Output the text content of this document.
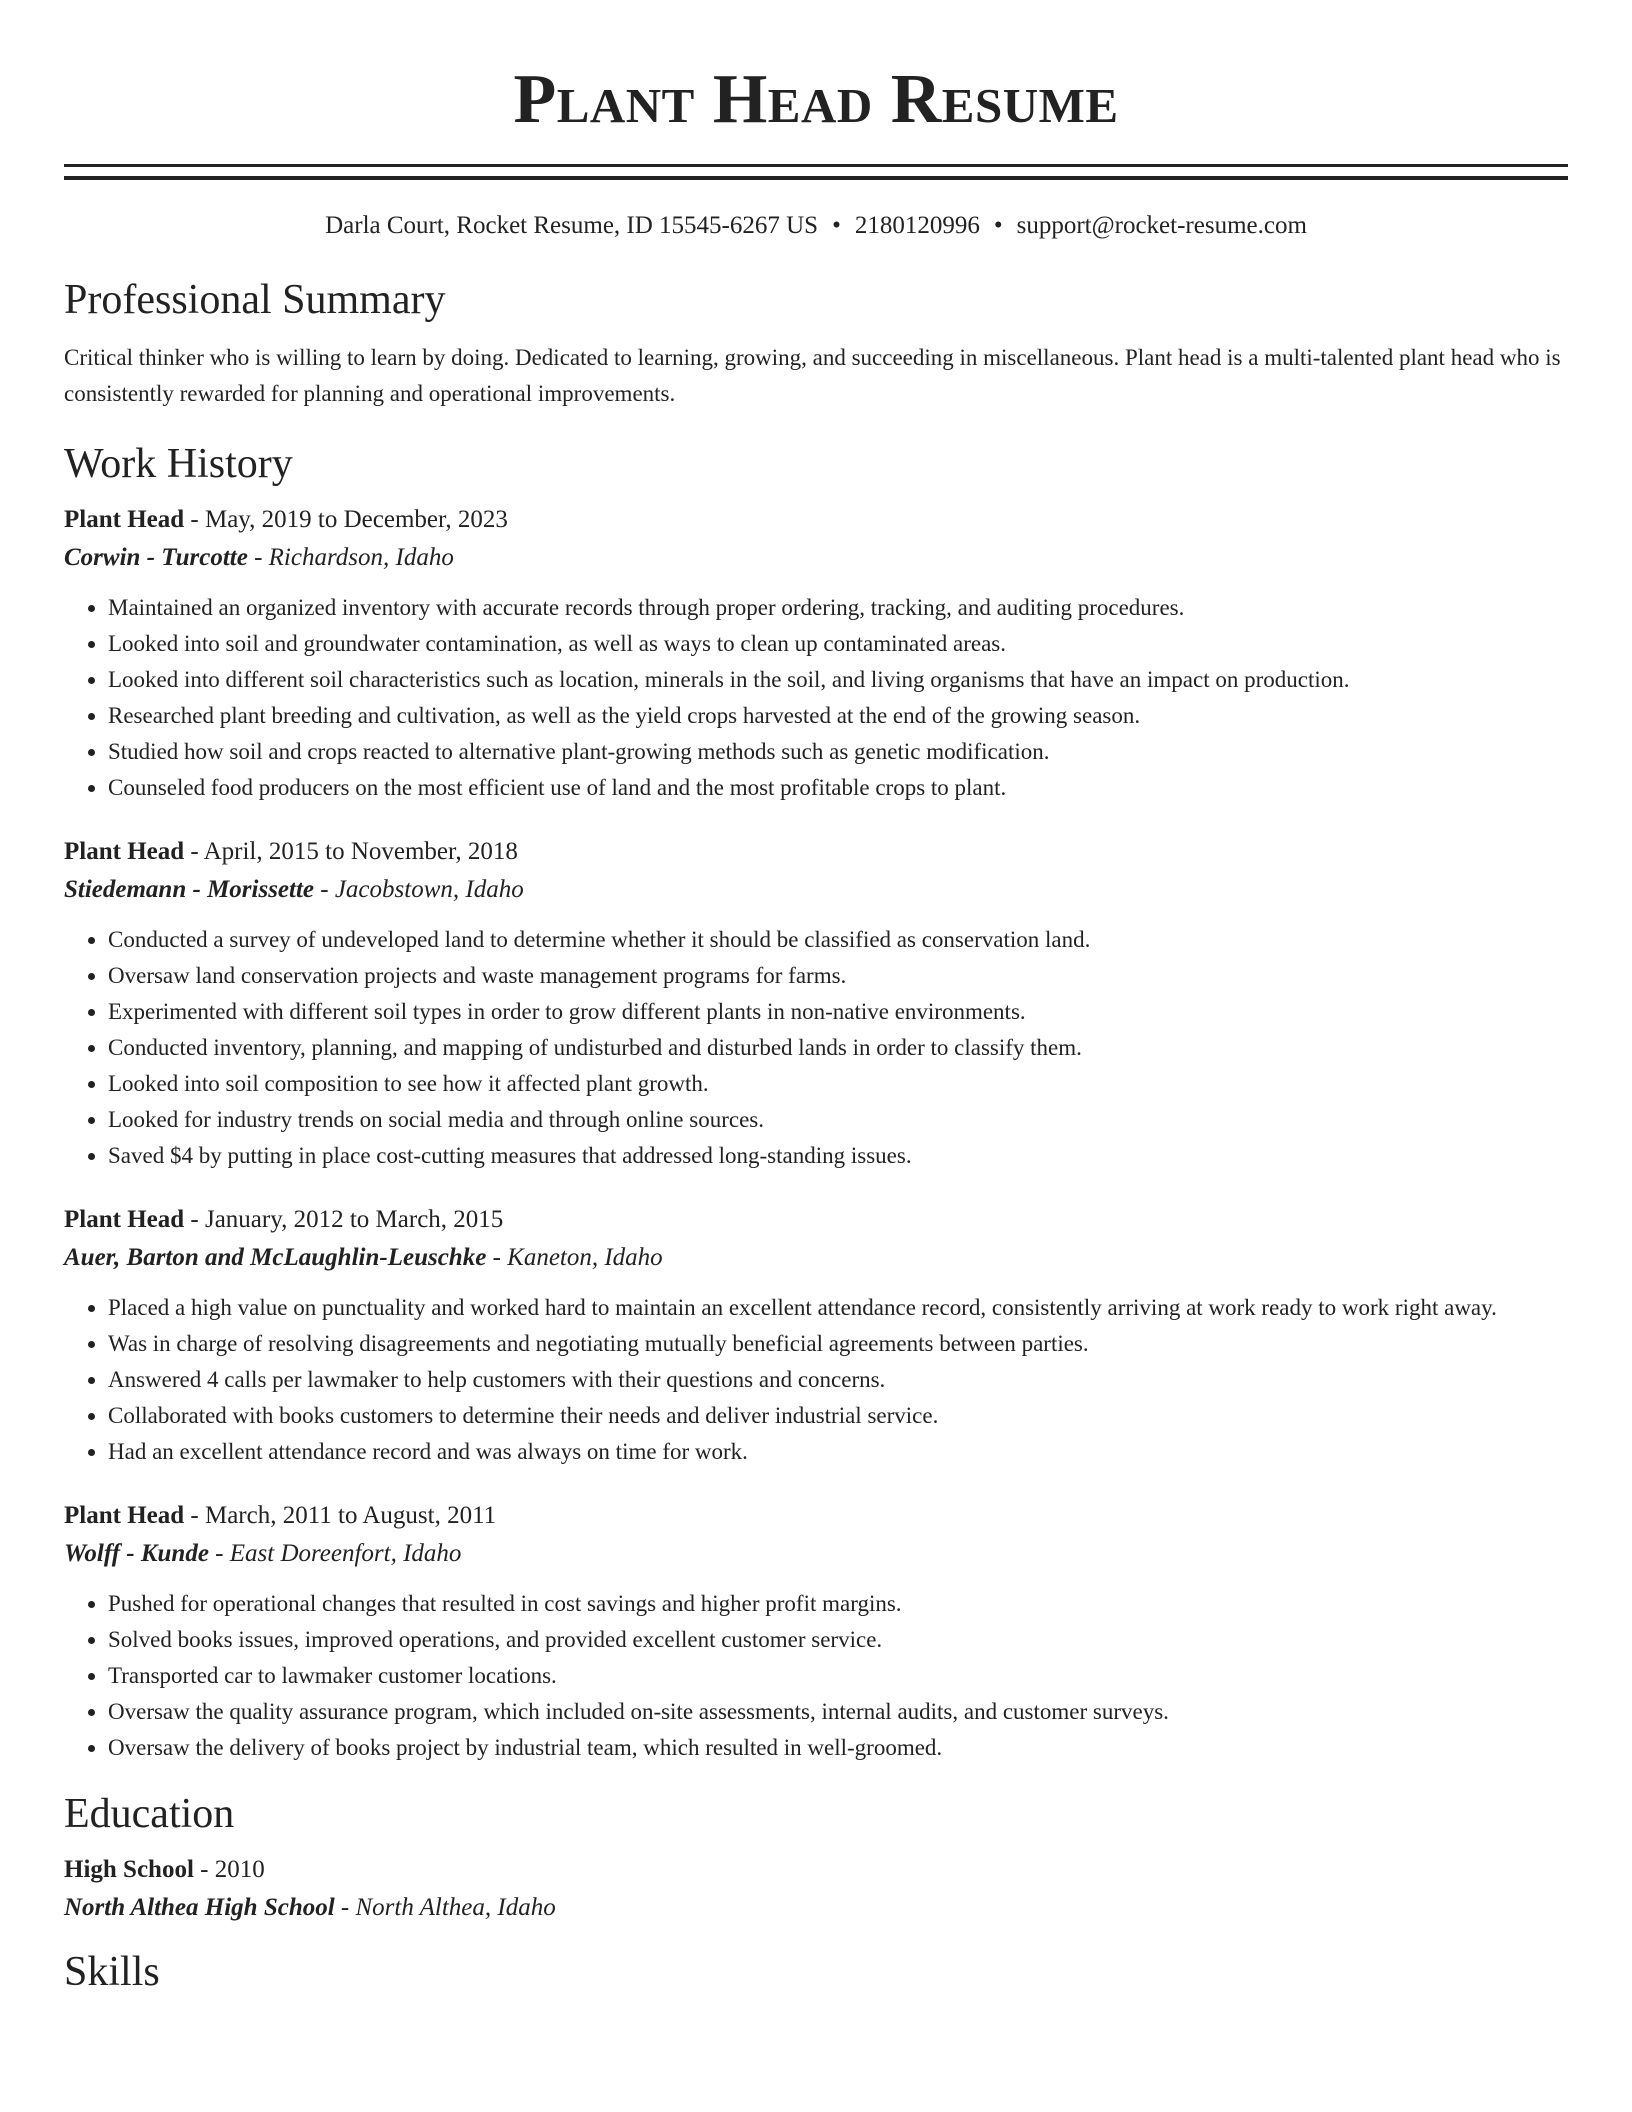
Plant Head Resume
Darla Court, Rocket Resume, ID 15545-6267 US • 2180120996 • support@rocket-resume.com
Professional Summary

Critical thinker who is willing to learn by doing. Dedicated to learning, growing, and succeeding in miscellaneous. Plant head is a multi-talented plant head who is consistently rewarded for planning and operational improvements.

Work History

Plant Head - May, 2019 to December, 2023

Corwin - Turcotte - Richardson, Idaho

• Maintained an organized inventory with accurate records through proper ordering, tracking, and auditing procedures.
• Looked into soil and groundwater contamination, as well as ways to clean up contaminated areas.
• Looked into different soil characteristics such as location, minerals in the soil, and living organisms that have an impact on production.
• Researched plant breeding and cultivation, as well as the yield crops harvested at the end of the growing season.
• Studied how soil and crops reacted to alternative plant-growing methods such as genetic modification.
• Counseled food producers on the most efficient use of land and the most profitable crops to plant.

Plant Head - April, 2015 to November, 2018

Stiedemann - Morissette - Jacobstown, Idaho

• Conducted a survey of undeveloped land to determine whether it should be classified as conservation land.
• Oversaw land conservation projects and waste management programs for farms.
• Experimented with different soil types in order to grow different plants in non-native environments.
• Conducted inventory, planning, and mapping of undisturbed and disturbed lands in order to classify them.
• Looked into soil composition to see how it affected plant growth.
• Looked for industry trends on social media and through online sources.
• Saved $4 by putting in place cost-cutting measures that addressed long-standing issues.

Plant Head - January, 2012 to March, 2015

Auer, Barton and McLaughlin-Leuschke - Kaneton, Idaho

• Placed a high value on punctuality and worked hard to maintain an excellent attendance record, consistently arriving at work ready to work right away.
• Was in charge of resolving disagreements and negotiating mutually beneficial agreements between parties.
• Answered 4 calls per lawmaker to help customers with their questions and concerns.
• Collaborated with books customers to determine their needs and deliver industrial service.
• Had an excellent attendance record and was always on time for work.

Plant Head - March, 2011 to August, 2011

Wolff - Kunde - East Doreenfort, Idaho

• Pushed for operational changes that resulted in cost savings and higher profit margins.
• Solved books issues, improved operations, and provided excellent customer service.
• Transported car to lawmaker customer locations.
• Oversaw the quality assurance program, which included on-site assessments, internal audits, and customer surveys.
• Oversaw the delivery of books project by industrial team, which resulted in well-groomed.
Education

High School - 2010

North Althea High School - North Althea, Idaho

Skills
